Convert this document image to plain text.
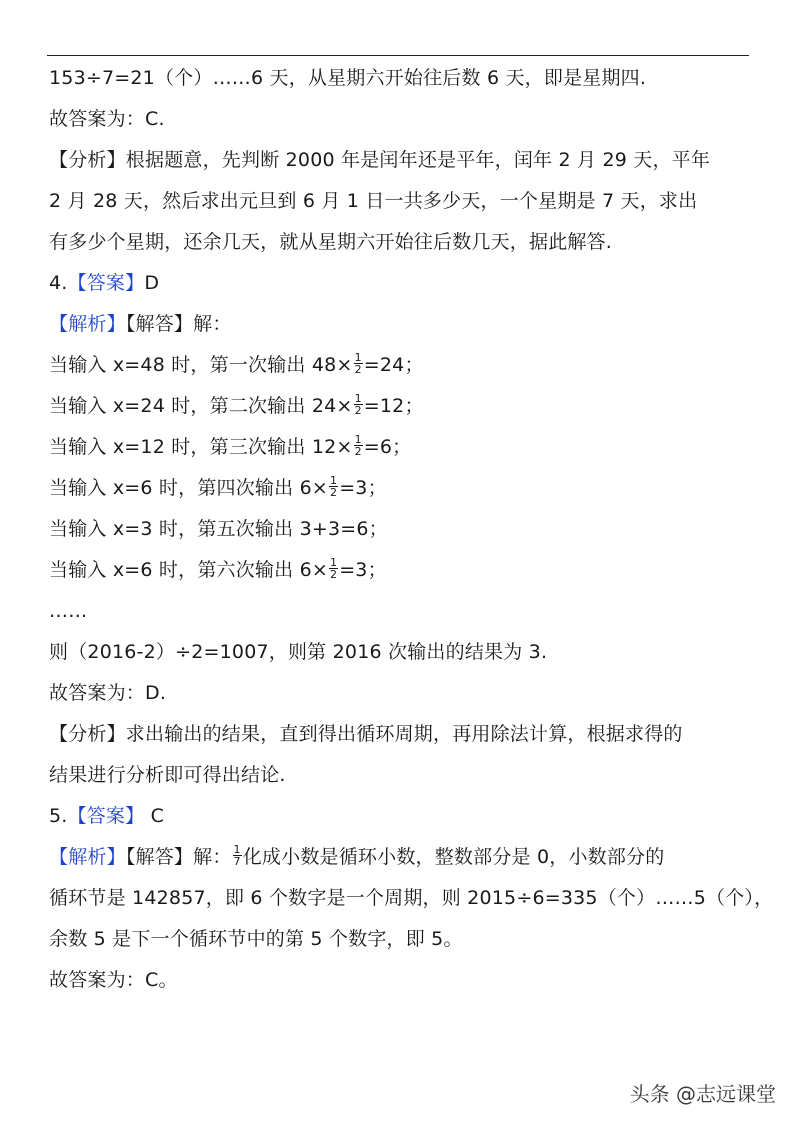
153÷7=21（个）……6 天，从星期六开始往后数 6 天，即是星期四.
故答案为：C.
【分析】根据题意，先判断 2000 年是闰年还是平年，闰年 2 月 29 天，平年
2 月 28 天，然后求出元旦到 6 月 1 日一共多少天，一个星期是 7 天，求出
有多少个星期，还余几天，就从星期六开始往后数几天，据此解答.
4.【答案】D
【解析】【解答】解：
当输入 x=48 时，第一次输出 $48\times \frac{1}{2} =24$；
当输入 x=24 时，第二次输出 $24\times \frac{1}{2} =12$；
当输入 x=12 时，第三次输出 $12\times \frac{1}{2} =6$；
当输入 x=6 时，第四次输出 $6\times \frac{1}{2} =3$；
当输入 x=3 时，第五次输出 3+3=6；
当输入 x=6 时，第六次输出 $6\times \frac{1}{2} =3$；
……
则（2016-2）÷2=1007，则第 2016 次输出的结果为 3.
故答案为：D.
【分析】求出输出的结果，直到得出循环周期，再用除法计算，根据求得的
结果进行分析即可得出结论.
5.【答案】 C
【解析】【解答】解： $\frac{1}{7}$ 化成小数是循环小数，整数部分是 0，小数部分的
循环节是 142857，即 6 个数字是一个周期，则 2015÷6=335（个）……5（个），
余数 5 是下一个循环节中的第 5 个数字，即 5。
故答案为：C。
头条 @志远课堂
